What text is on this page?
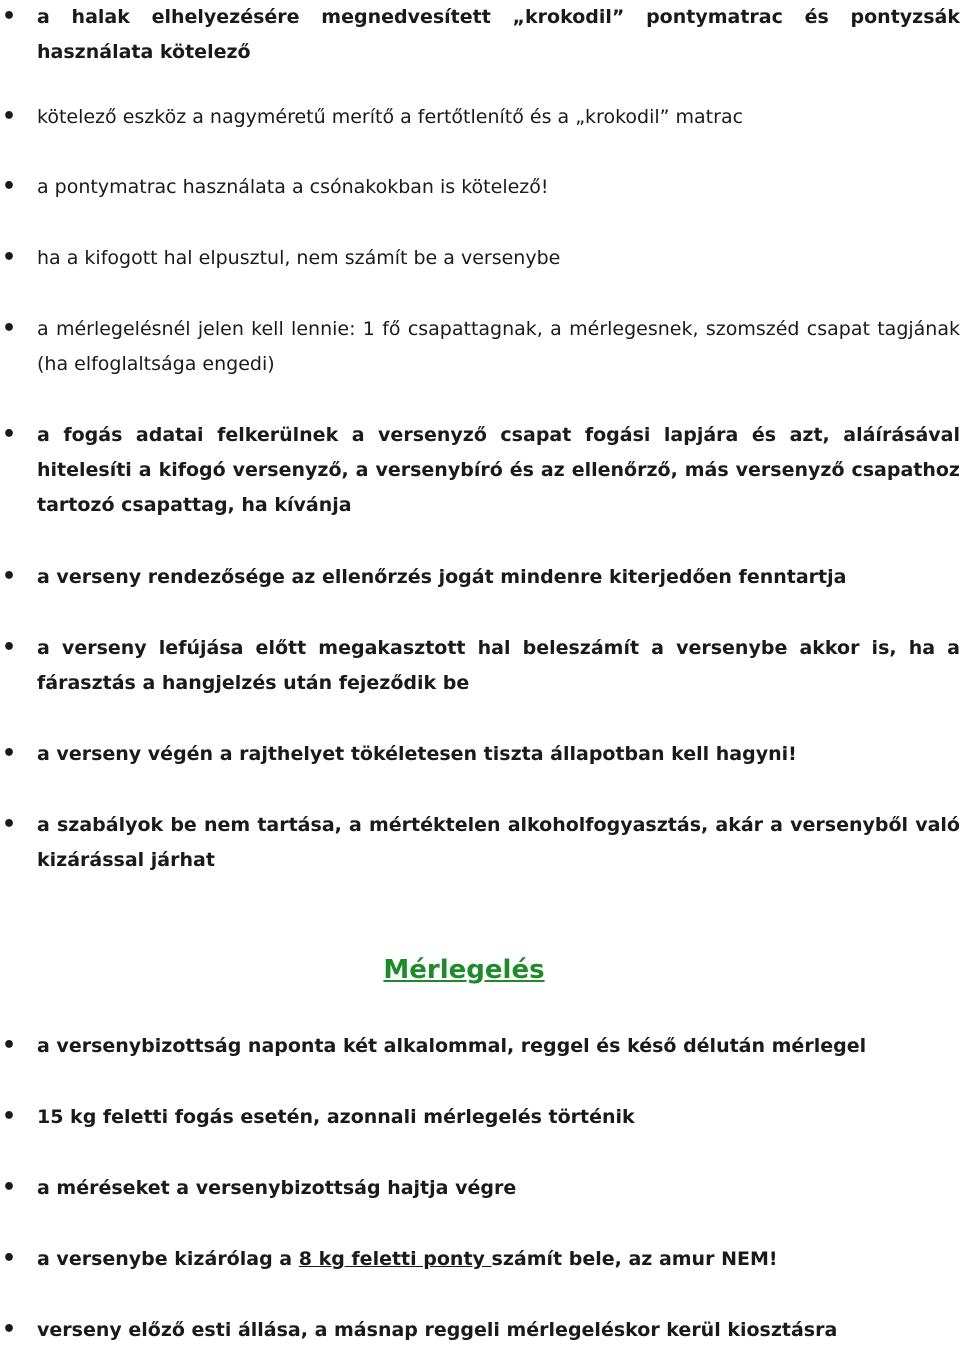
• a halak elhelyezésére megnedvesített „krokodil” pontymatrac és pontyzsák használata kötelező
• kötelező eszköz a nagyméretű merítő a fertőtlenítő és a „krokodil” matrac
• a pontymatrac használata a csónakokban is kötelező!
• ha a kifogott hal elpusztul, nem számít be a versenybe
• a mérlegelésnél jelen kell lennie: 1 fő csapattagnak, a mérlegesnek, szomszéd csapat tagjának (ha elfoglaltsága engedi)
• a fogás adatai felkerülnek a versenyző csapat fogási lapjára és azt, aláírásával hitelesíti a kifogó versenyző, a versenybíró és az ellenőrző, más versenyző csapathoz tartozó csapattag, ha kívánja
• a verseny rendezősége az ellenőrzés jogát mindenre kiterjedően fenntartja
• a verseny lefújása előtt megakasztott hal beleszámít a versenybe akkor is, ha a fárasztás a hangjelzés után fejeződik be
• a verseny végén a rajthelyet tökéletesen tiszta állapotban kell hagyni!
• a szabályok be nem tartása, a mértéktelen alkoholfogyasztás, akár a versenyből való kizárással járhat
Mérlegelés
• a versenybizottság naponta két alkalommal, reggel és késő délután mérlegel
• 15 kg feletti fogás esetén, azonnali mérlegelés történik
• a méréseket a versenybizottság hajtja végre
• a versenybe kizárólag a 8 kg feletti ponty számít bele, az amur NEM!
• verseny előző esti állása, a másnap reggeli mérlegeléskor kerül kiosztásra
